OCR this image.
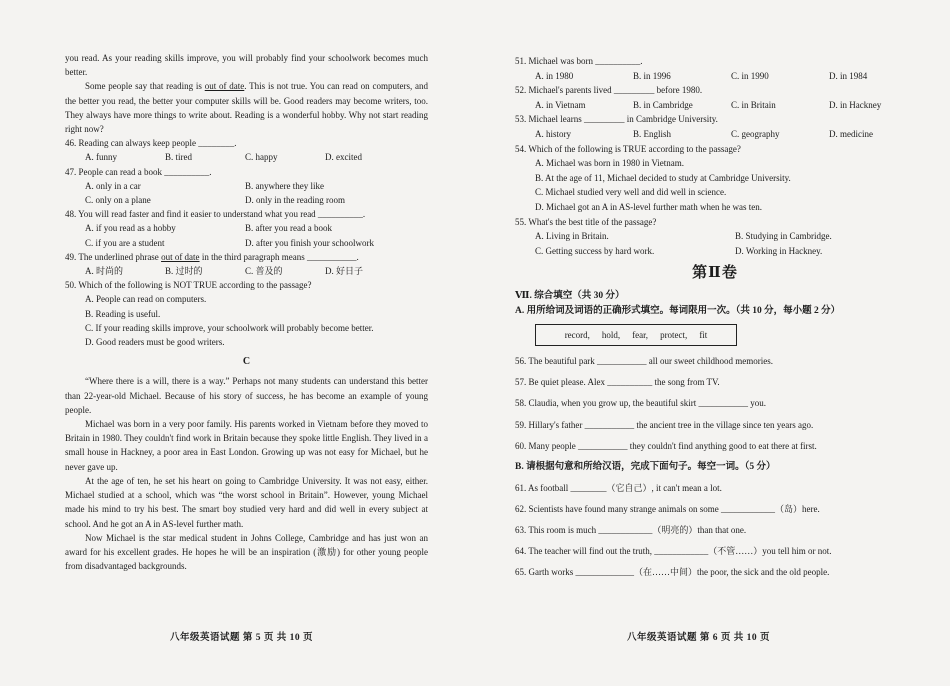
you read. As your reading skills improve, you will probably find your schoolwork becomes much better.

Some people say that reading is out of date. This is not true. You can read on computers, and the better you read, the better your computer skills will be. Good readers may become writers, too. They always have more things to write about. Reading is a wonderful hobby. Why not start reading right now?

46. Reading can always keep people ________.

A. funny	B. tired	C. happy	D. excited

47. People can read a book __________.

A. only in a car	B. anywhere they like
C. only on a plane	D. only in the reading room

48. You will read faster and find it easier to understand what you read __________.

A. if you read as a hobby	B. after you read a book
C. if you are a student	D. after you finish your schoolwork

49. The underlined phrase out of date in the third paragraph means ___________.

A. 时尚的	B. 过时的	C. 普及的	D. 好日子

50. Which of the following is NOT TRUE according to the passage?

A. People can read on computers.
B. Reading is useful.
C. If your reading skills improve, your schoolwork will probably become better.
D. Good readers must be good writers.
C

“Where there is a will, there is a way.” Perhaps not many students can understand this better than 22-year-old Michael. Because of his story of success, he has become an example of young people.

Michael was born in a very poor family. His parents worked in Vietnam before they moved to Britain in 1980. They couldn't find work in Britain because they spoke little English. They lived in a small house in Hackney, a poor area in East London. Growing up was not easy for Michael, but he never gave up.

At the age of ten, he set his heart on going to Cambridge University. It was not easy, either. Michael studied at a school, which was “the worst school in Britain”. However, young Michael made his mind to try his best. The smart boy studied very hard and did well in every subject at school. And he got an A in AS-level further math.

Now Michael is the star medical student in Johns College, Cambridge and has just won an award for his excellent grades. He hopes he will be an inspiration (激励) for other young people from disadvantaged backgrounds.

八年级英语试题 第 5 页 共 10 页

51. Michael was born __________.

A. in 1980	B. in 1996	C. in 1990	D. in 1984

52. Michael's parents lived _________ before 1980.

A. in Vietnam	B. in Cambridge	C. in Britain	D. in Hackney

53. Michael learns _________ in Cambridge University.

A. history	B. English	C. geography	D. medicine

54. Which of the following is TRUE according to the passage?

A. Michael was born in 1980 in Vietnam.
B. At the age of 11, Michael decided to study at Cambridge University.
C. Michael studied very well and did well in science.
D. Michael got an A in AS-level further math when he was ten.

55. What's the best title of the passage?

A. Living in Britain.	B. Studying in Cambridge.
C. Getting success by hard work.	D. Working in Hackney.
第Ⅱ卷

Ⅶ. 综合填空（共 30 分）

A. 用所给词及词语的正确形式填空。每词限用一次。（共 10 分，每小题 2 分）

record, hold, fear, protect, fit

56. The beautiful park ___________ all our sweet childhood memories.

57. Be quiet please. Alex __________ the song from TV.

58. Claudia, when you grow up, the beautiful skirt ___________ you.

59. Hillary's father ___________ the ancient tree in the village since ten years ago.

60. Many people ___________ they couldn't find anything good to eat there at first.

B. 请根据句意和所给汉语，完成下面句子。每空一词。（5 分）

61. As football ________（它自己）, it can't mean a lot.

62. Scientists have found many strange animals on some ____________（岛）here.

63. This room is much ____________（明亮的）than that one.

64. The teacher will find out the truth, ____________（不管……）you tell him or not.

65. Garth works _____________（在……中间）the poor, the sick and the old people.

八年级英语试题 第 6 页 共 10 页
